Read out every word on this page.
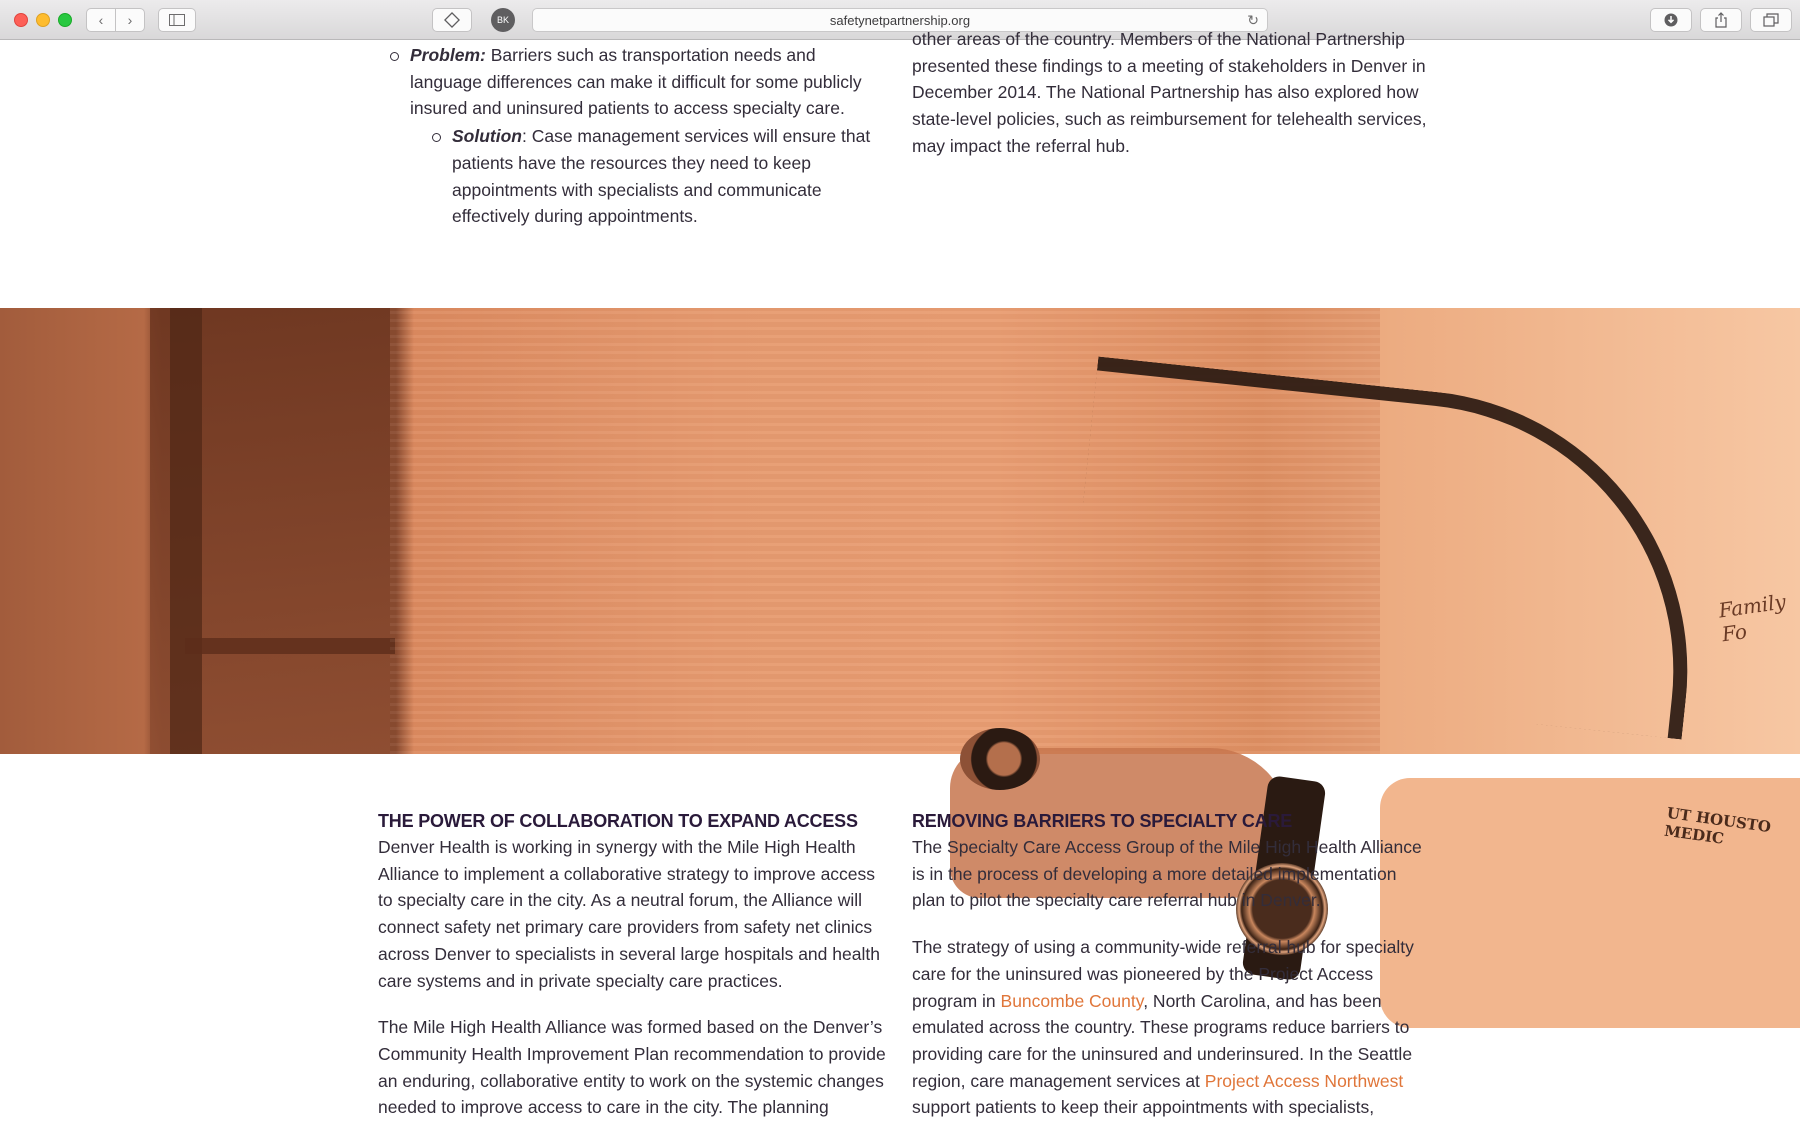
‹ ›	BK	safetynetpartnership.org	↻
Problem: Barriers such as transportation needs and language differences can make it difficult for some publicly insured and uninsured patients to access specialty care.
Solution: Case management services will ensure that patients have the resources they need to keep appointments with specialists and communicate effectively during appointments.
other areas of the country. Members of the National Partnership presented these findings to a meeting of stakeholders in Denver in December 2014. The National Partnership has also explored how state-level policies, such as reimbursement for telehealth services, may impact the referral hub.
Family Fo
UT HOUSTO MEDIC
THE POWER OF COLLABORATION TO EXPAND ACCESS

Denver Health is working in synergy with the Mile High Health Alliance to implement a collaborative strategy to improve access to specialty care in the city. As a neutral forum, the Alliance will connect safety net primary care providers from safety net clinics across Denver to specialists in several large hospitals and health care systems and in private specialty care practices.

The Mile High Health Alliance was formed based on the Denver’s Community Health Improvement Plan recommendation to provide an enduring, collaborative entity to work on the systemic changes needed to improve access to care in the city. The planning

REMOVING BARRIERS TO SPECIALTY CARE

The Specialty Care Access Group of the Mile High Health Alliance is in the process of developing a more detailed implementation plan to pilot the specialty care referral hub in Denver.

The strategy of using a community-wide referral hub for specialty care for the uninsured was pioneered by the Project Access program in Buncombe County, North Carolina, and has been emulated across the country. These programs reduce barriers to providing care for the uninsured and underinsured. In the Seattle region, care management services at Project Access Northwest support patients to keep their appointments with specialists,
